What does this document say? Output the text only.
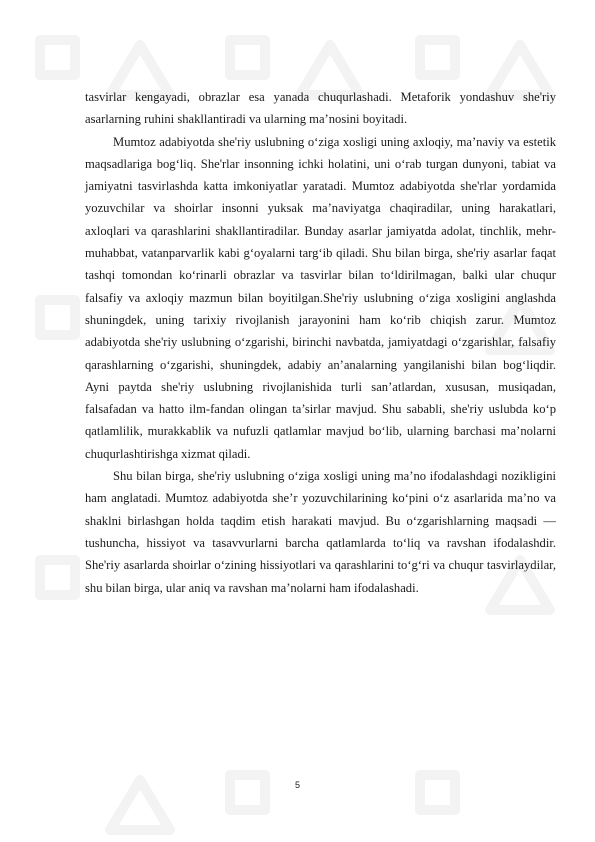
tasvirlar kengayadi, obrazlar esa yanada chuqurlashadi. Metaforik yondashuv she'riy asarlarning ruhini shakllantiradi va ularning ma’nosini boyitadi.

Mumtoz adabiyotda she'riy uslubning o‘ziga xosligi uning axloqiy, ma’naviy va estetik maqsadlariga bog‘liq. She'rlar insonning ichki holatini, uni o‘rab turgan dunyoni, tabiat va jamiyatni tasvirlashda katta imkoniyatlar yaratadi. Mumtoz adabiyotda she'rlar yordamida yozuvchilar va shoirlar insonni yuksak ma’naviyatga chaqiradilar, uning harakatlari, axloqlari va qarashlarini shakllantiradilar. Bunday asarlar jamiyatda adolat, tinchlik, mehr-muhabbat, vatanparvarlik kabi g‘oyalarni targ‘ib qiladi. Shu bilan birga, she'riy asarlar faqat tashqi tomondan ko‘rinarli obrazlar va tasvirlar bilan to‘ldirilmagan, balki ular chuqur falsafiy va axloqiy mazmun bilan boyitilgan.She'riy uslubning o‘ziga xosligini anglashda shuningdek, uning tarixiy rivojlanish jarayonini ham ko‘rib chiqish zarur. Mumtoz adabiyotda she'riy uslubning o‘zgarishi, birinchi navbatda, jamiyatdagi o‘zgarishlar, falsafiy qarashlarning o‘zgarishi, shuningdek, adabiy an’analarning yangilanishi bilan bog‘liqdir. Ayni paytda she'riy uslubning rivojlanishida turli san’atlardan, xususan, musiqadan, falsafadan va hatto ilm-fandan olingan ta’sirlar mavjud. Shu sababli, she'riy uslubda ko‘p qatlamlilik, murakkablik va nufuzli qatlamlar mavjud bo‘lib, ularning barchasi ma’nolarni chuqurlashtirishga xizmat qiladi.

Shu bilan birga, she'riy uslubning o‘ziga xosligi uning ma’no ifodalashdagi nozikligini ham anglatadi. Mumtoz adabiyotda she’r yozuvchilarining ko‘pini o‘z asarlarida ma’no va shaklni birlashgan holda taqdim etish harakati mavjud. Bu o‘zgarishlarning maqsadi — tushuncha, hissiyot va tasavvurlarni barcha qatlamlarda to‘liq va ravshan ifodalashdir. She'riy asarlarda shoirlar o‘zining hissiyotlari va qarashlarini to‘g‘ri va chuqur tasvirlaydilar, shu bilan birga, ular aniq va ravshan ma’nolarni ham ifodalashadi.

5
